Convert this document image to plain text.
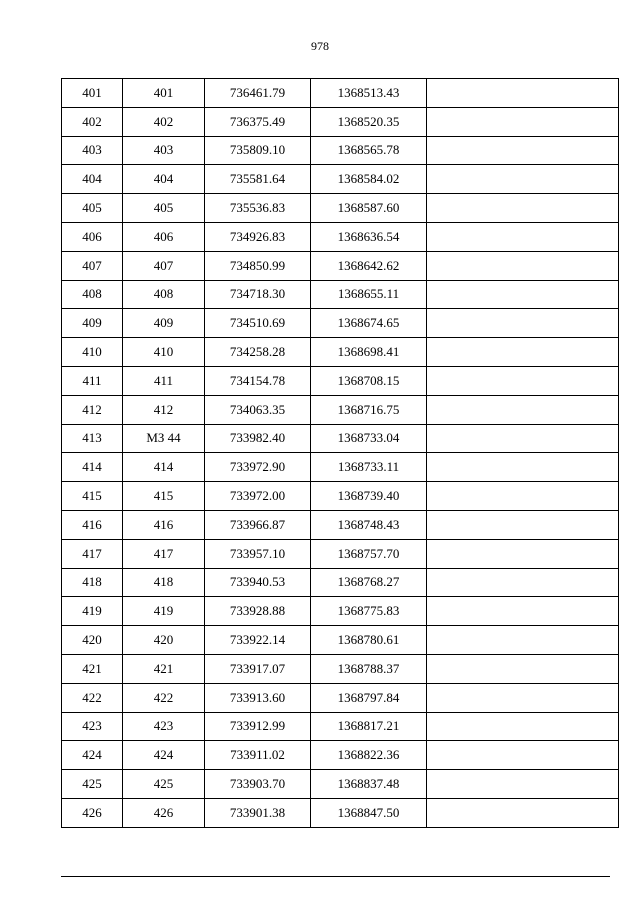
978
401	401	736461.79	1368513.43	
402	402	736375.49	1368520.35	
403	403	735809.10	1368565.78	
404	404	735581.64	1368584.02	
405	405	735536.83	1368587.60	
406	406	734926.83	1368636.54	
407	407	734850.99	1368642.62	
408	408	734718.30	1368655.11	
409	409	734510.69	1368674.65	
410	410	734258.28	1368698.41	
411	411	734154.78	1368708.15	
412	412	734063.35	1368716.75	
413	МЗ 44	733982.40	1368733.04	
414	414	733972.90	1368733.11	
415	415	733972.00	1368739.40	
416	416	733966.87	1368748.43	
417	417	733957.10	1368757.70	
418	418	733940.53	1368768.27	
419	419	733928.88	1368775.83	
420	420	733922.14	1368780.61	
421	421	733917.07	1368788.37	
422	422	733913.60	1368797.84	
423	423	733912.99	1368817.21	
424	424	733911.02	1368822.36	
425	425	733903.70	1368837.48	
426	426	733901.38	1368847.50	
